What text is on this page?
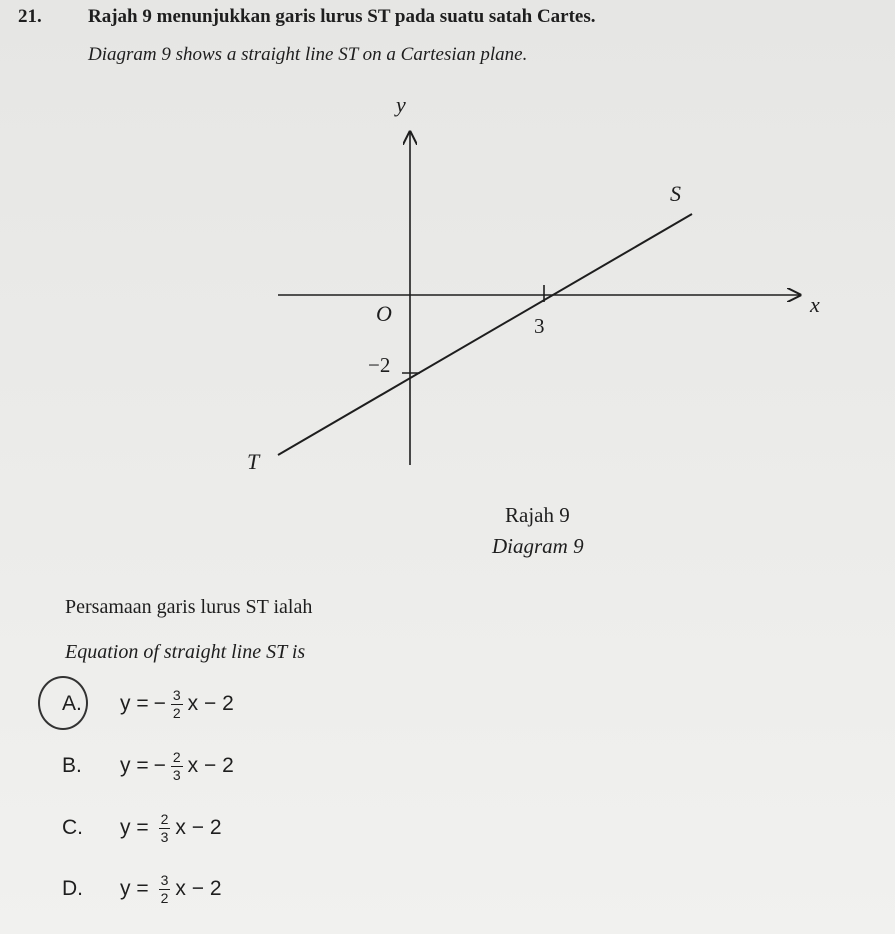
21. Rajah 9 menunjukkan garis lurus ST pada suatu satah Cartes.
Diagram 9 shows a straight line ST on a Cartesian plane.
y
x
O	3
−2
S
T
Rajah 9
Diagram 9
Persamaan garis lurus ST ialah
Equation of straight line ST is
A.	y = − $\frac{3}{2}$ x − 2
B.	y = − $\frac{2}{3}$ x − 2
C.	$y = \frac{2}{3}$ x − 2
D.	$y = \frac{3}{2}$ x − 2
